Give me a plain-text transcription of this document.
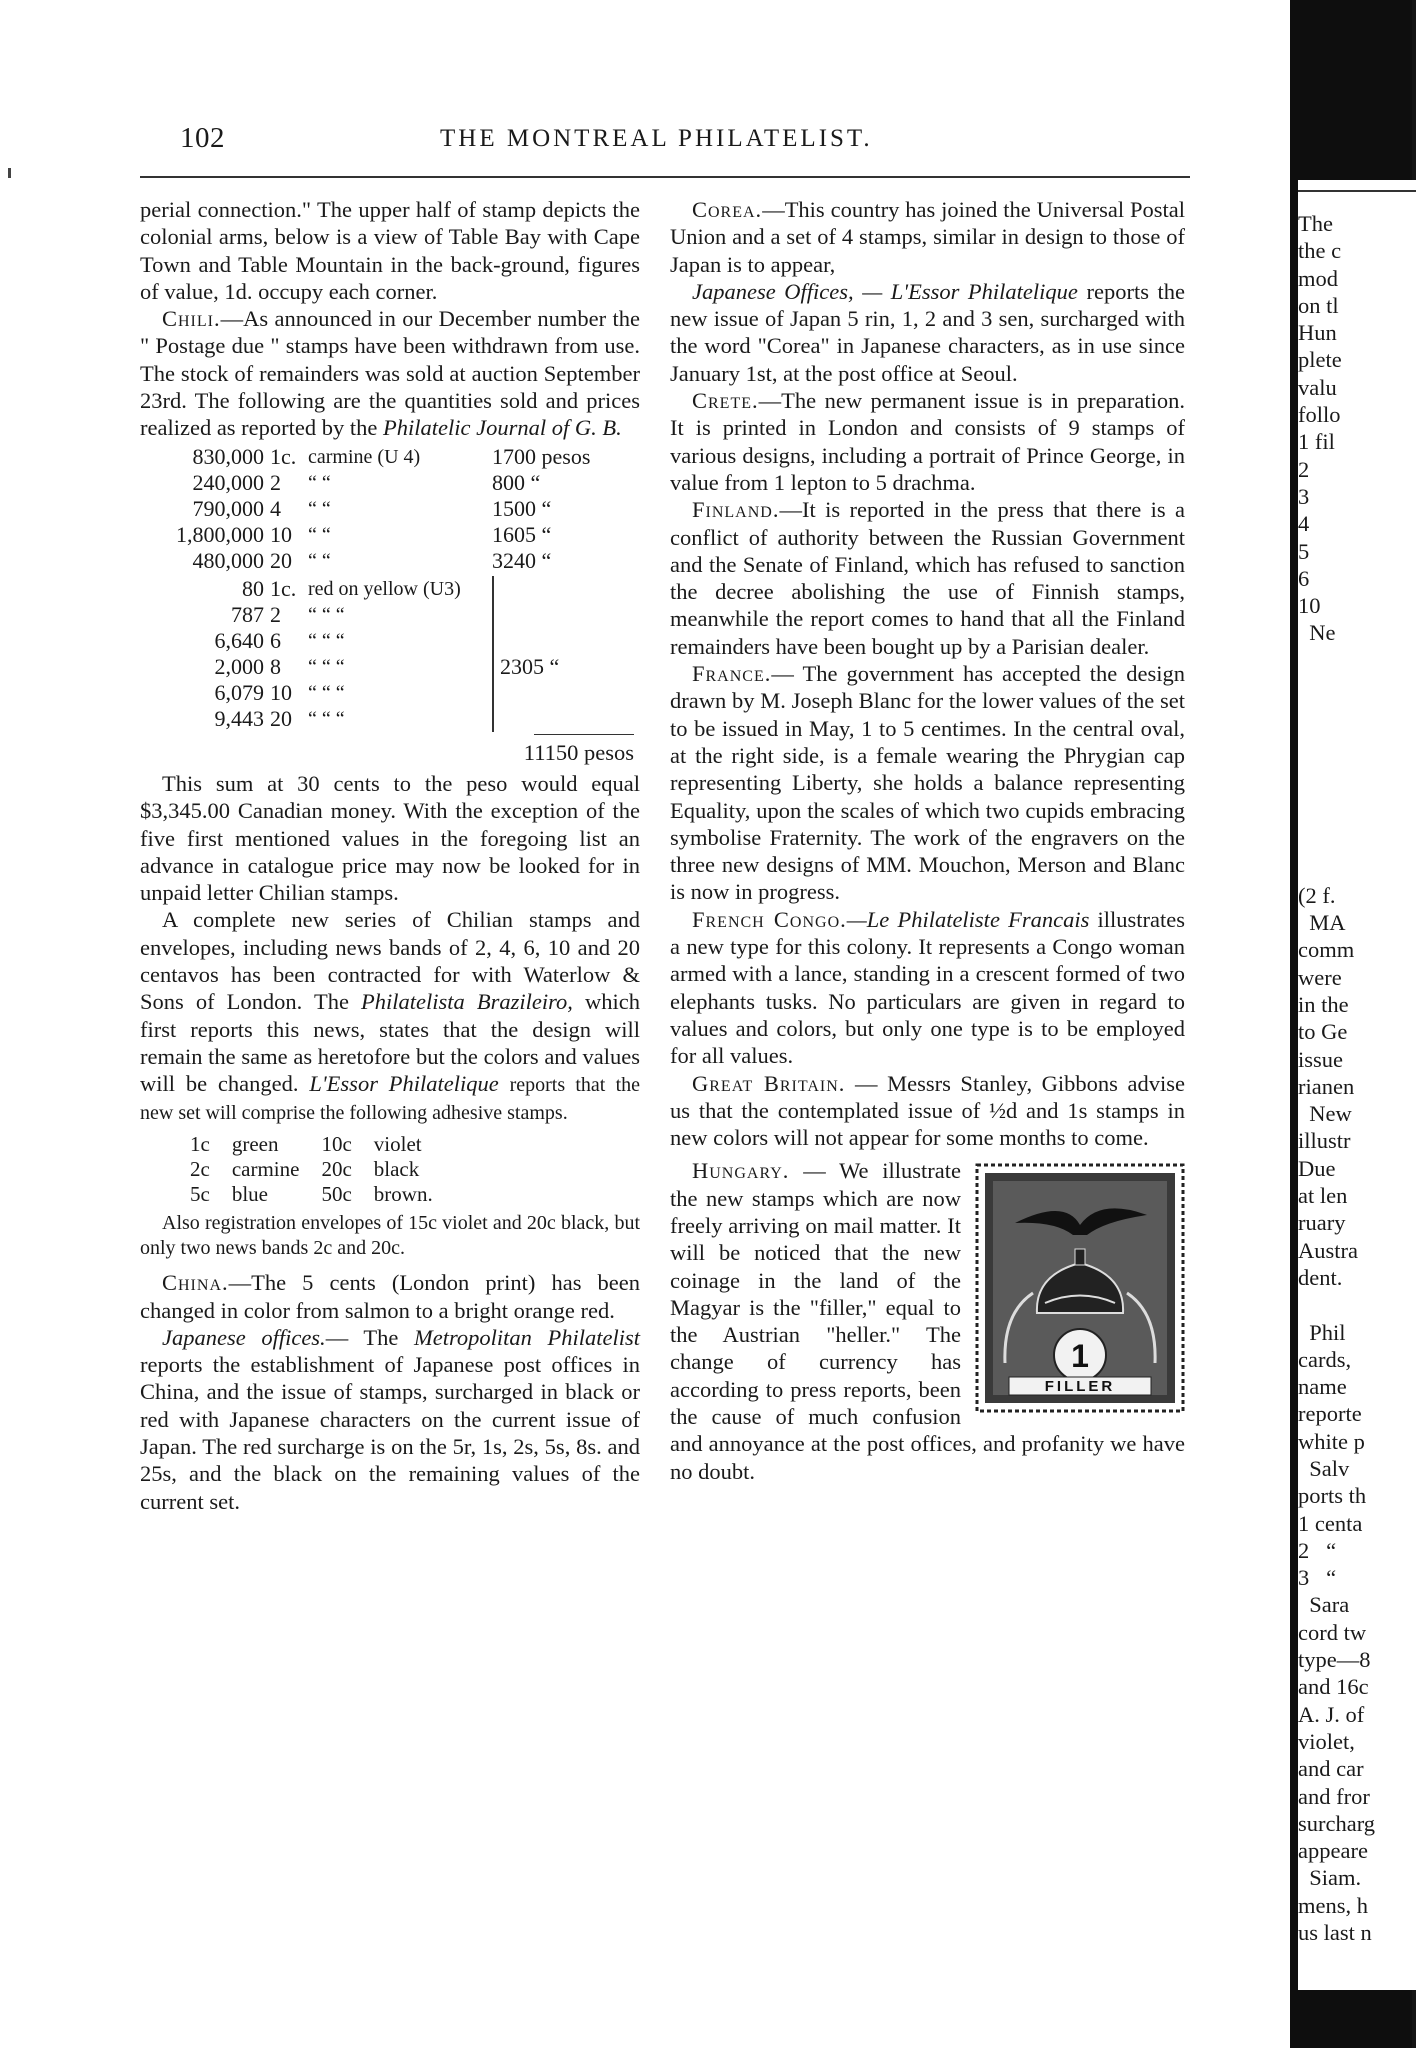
102	THE MONTREAL PHILATELIST.

perial connection." The upper half of stamp depicts the colonial arms, below is a view of Table Bay with Cape Town and Table Mountain in the back-ground, figures of value, 1d. occupy each corner.

Chili.—As announced in our December number the " Postage due " stamps have been withdrawn from use. The stock of remainders was sold at auction September 23rd. The following are the quantities sold and prices realized as reported by the Philatelic Journal of G. B.

830,000	1c.	carmine (U 4)	1700 pesos
240,000	2	“ “	800 “
790,000	4	“ “	1500 “
1,800,000	10	“ “	1605 “
480,000	20	“ “	3240 “
80	1c.	red on yellow (U3)	
787	2	“ “ “	
6,640	6	“ “ “	
2,000	8	“ “ “	2305 “
6,079	10	“ “ “	
9,443	20	“ “ “	
11150 pesos

This sum at 30 cents to the peso would equal $3,345.00 Canadian money. With the exception of the five first mentioned values in the foregoing list an advance in catalogue price may now be looked for in unpaid letter Chilian stamps.

A complete new series of Chilian stamps and envelopes, including news bands of 2, 4, 6, 10 and 20 centavos has been contracted for with Waterlow & Sons of London. The Philatelista Brazileiro, which first reports this news, states that the design will remain the same as heretofore but the colors and values will be changed. L'Essor Philatelique reports that the new set will comprise the following adhesive stamps.

1c	green	10c	violet
2c	carmine	20c	black
5c	blue	50c	brown.

Also registration envelopes of 15c violet and 20c black, but only two news bands 2c and 20c.

China.—The 5 cents (London print) has been changed in color from salmon to a bright orange red.

Japanese offices.— The Metropolitan Philatelist reports the establishment of Japanese post offices in China, and the issue of stamps, surcharged in black or red with Japanese characters on the current issue of Japan. The red surcharge is on the 5r, 1s, 2s, 5s, 8s. and 25s, and the black on the remaining values of the current set.

Corea.—This country has joined the Universal Postal Union and a set of 4 stamps, similar in design to those of Japan is to appear,

Japanese Offices, — L'Essor Philatelique reports the new issue of Japan 5 rin, 1, 2 and 3 sen, surcharged with the word "Corea" in Japanese characters, as in use since January 1st, at the post office at Seoul.

Crete.—The new permanent issue is in preparation. It is printed in London and consists of 9 stamps of various designs, including a portrait of Prince George, in value from 1 lepton to 5 drachma.

Finland.—It is reported in the press that there is a conflict of authority between the Russian Government and the Senate of Finland, which has refused to sanction the decree abolishing the use of Finnish stamps, meanwhile the report comes to hand that all the Finland remainders have been bought up by a Parisian dealer.

France.— The government has accepted the design drawn by M. Joseph Blanc for the lower values of the set to be issued in May, 1 to 5 centimes. In the central oval, at the right side, is a female wearing the Phrygian cap representing Liberty, she holds a balance representing Equality, upon the scales of which two cupids embracing symbolise Fraternity. The work of the engravers on the three new designs of MM. Mouchon, Merson and Blanc is now in progress.

French Congo.—Le Philateliste Francais illustrates a new type for this colony. It represents a Congo woman armed with a lance, standing in a crescent formed of two elephants tusks. No particulars are given in regard to values and colors, but only one type is to be employed for all values.

Great Britain. — Messrs Stanley, Gibbons advise us that the contemplated issue of ½d and 1s stamps in new colors will not appear for some months to come.

1
FILLER

Hungary. — We illustrate the new stamps which are now freely arriving on mail matter. It will be noticed that the new coinage in the land of the Magyar is the "filler," equal to the Austrian "heller." The change of currency has according to press reports, been the cause of much confusion and annoyance at the post offices, and profanity we have no doubt.

The
the c
mod
on tl
Hun
plete
valu
follo
1 fil
2
3
4
5
6
10
Ne
(2 f.
MA
comm
were
in the
to Ge
issue
rianen
New
illustr
Due
at len
ruary
Austra
dent.
Phil
cards,
name
reporte
white p
Salv
ports th
1 centa
2   “
3   “
Sara
cord tw
type—8
and 16c
A. J. of
violet,
and car
and fror
surcharg
appeare
Siam.
mens, h
us last n
